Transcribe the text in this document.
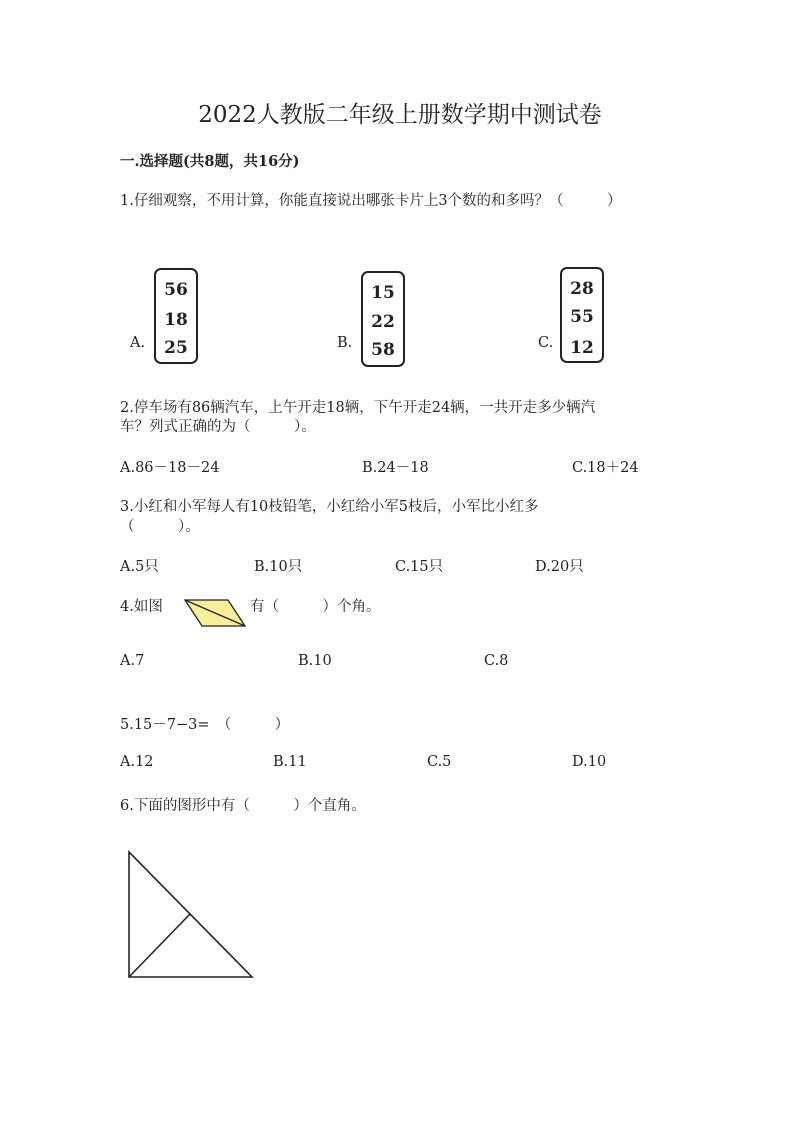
2022人教版二年级上册数学期中测试卷
一.选择题(共8题，共16分)
1.仔细观察，不用计算，你能直接说出哪张卡片上3个数的和多吗？（　　　）
A.
56
18
25	B.
15
22
58	C.
28
55
12
2.停车场有86辆汽车，上午开走18辆，下午开走24辆，一共开走多少辆汽
车？列式正确的为（　　　）。
A.86－18－24	B.24－18	C.18＋24
3.小红和小军每人有10枝铅笔，小红给小军5枝后，小军比小红多
（　　　）。
A.5只	B.10只	C.15只	D.20只
4.如图	有（　　　）个角。
A.7	B.10	C.8
5.15－7−3=　（　　　）
A.12	B.11	C.5	D.10
6.下面的图形中有（　　　）个直角。
